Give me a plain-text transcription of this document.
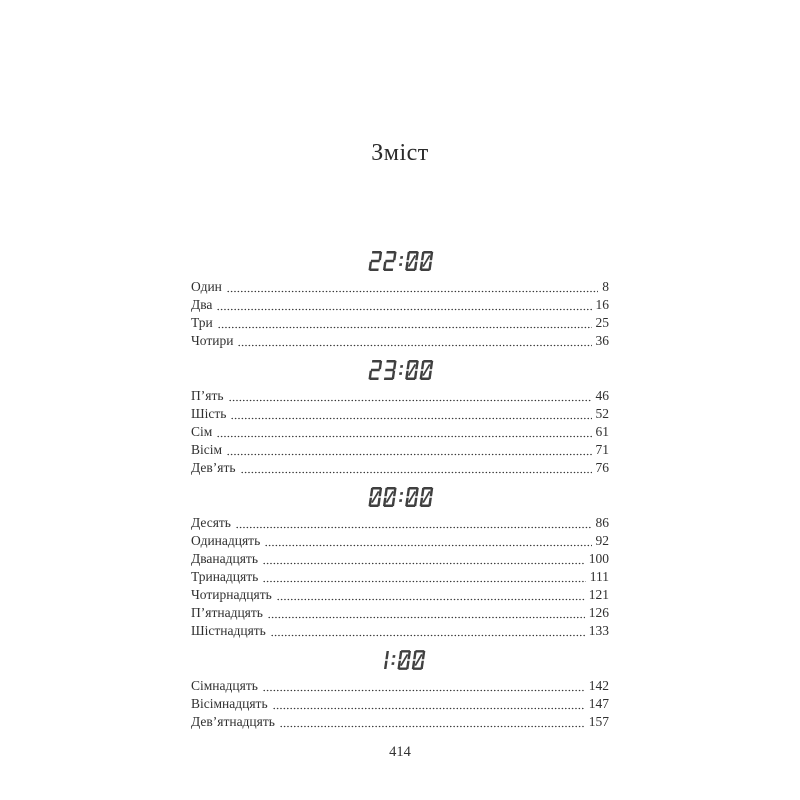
Зміст
Один	8
Два	16
Три	25
Чотири	36
П’ять	46
Шість	52
Сім	61
Вісім	71
Дев’ять	76
Десять	86
Одинадцять	92
Дванадцять	100
Тринадцять	111
Чотирнадцять	121
П’ятнадцять	126
Шістнадцять	133
Сімнадцять	142
Вісімнадцять	147
Дев’ятнадцять	157
414
